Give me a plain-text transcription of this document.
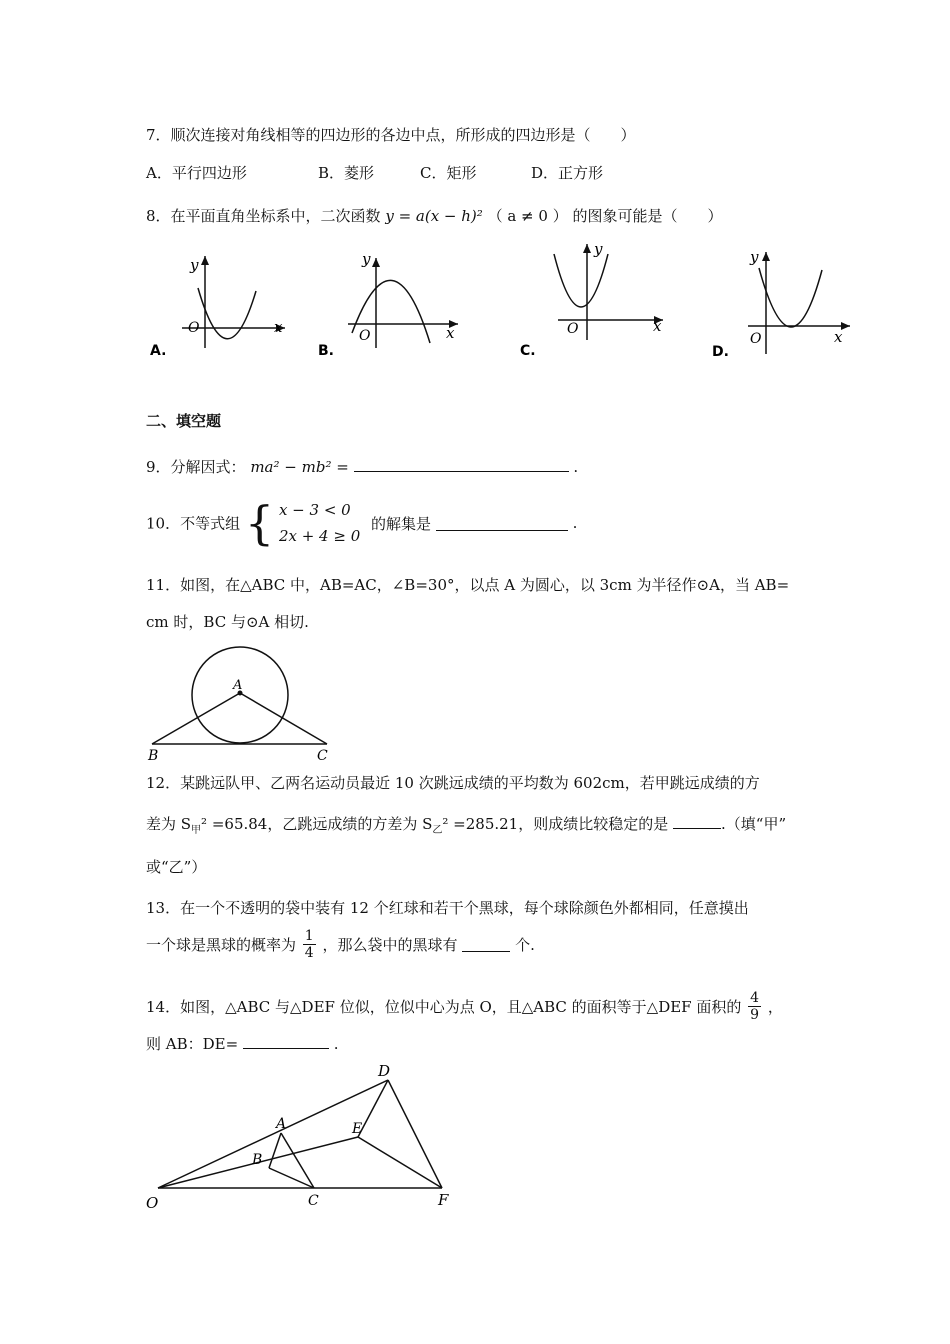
7．顺次连接对角线相等的四边形的各边中点，所形成的四边形是（　　）
A．平行四边形	B．菱形	C．矩形	D．正方形
8．在平面直角坐标系中，二次函数 y = a(x − h)² （ a ≠ 0 ） 的图象可能是（　　）
y
O	x
A.
y
O	x
B.
y
O	x
C.
y
O	x
D.
二、填空题
9．分解因式： ma² − mb² =	.
10．不等式组 { x − 3 < 0
2x + 4 ≥ 0
的解集是	.
11．如图，在△ABC 中，AB=AC，∠B=30°，以点 A 为圆心，以 3cm 为半径作⊙A，当 AB=
cm 时，BC 与⊙A 相切.
A
B	C
12．某跳远队甲、乙两名运动员最近 10 次跳远成绩的平均数为 602cm，若甲跳远成绩的方
差为 $S_甲^2 =65.84$，乙跳远成绩的方差为 $S_乙^2 =285.21$，则成绩比较稳定的是	.（填“甲”
或“乙”）
13．在一个不透明的袋中装有 12 个红球和若干个黑球，每个球除颜色外都相同，任意摸出
一个球是黑球的概率为 $\frac{1}{4}$ ，那么袋中的黑球有	个.
14．如图，△ABC 与△DEF 位似，位似中心为点 O，且△ABC 的面积等于△DEF 面积的 $\frac{4}{9}$ ，
则 AB：DE=	.
O
A
B
C
D
E
F
